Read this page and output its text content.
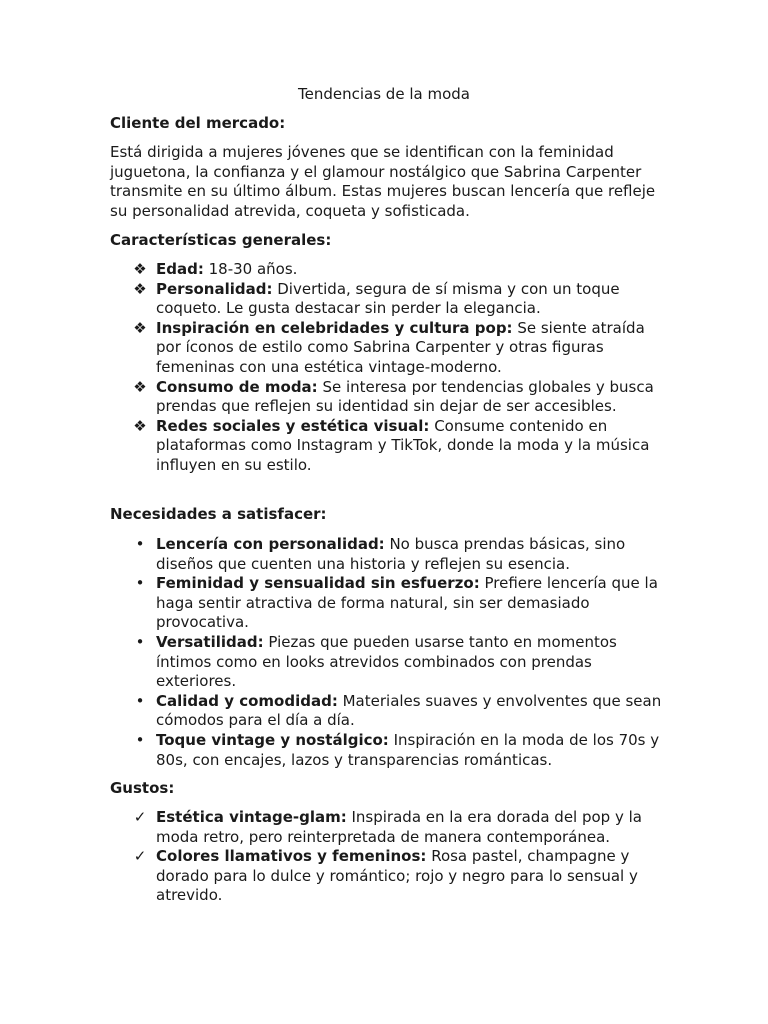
Tendencias de la moda

Cliente del mercado:

Está dirigida a mujeres jóvenes que se identifican con la feminidad juguetona, la confianza y el glamour nostálgico que Sabrina Carpenter transmite en su último álbum. Estas mujeres buscan lencería que refleje su personalidad atrevida, coqueta y sofisticada.

Características generales:

❖ Edad: 18-30 años.
❖ Personalidad: Divertida, segura de sí misma y con un toque coqueto. Le gusta destacar sin perder la elegancia.
❖ Inspiración en celebridades y cultura pop: Se siente atraída por íconos de estilo como Sabrina Carpenter y otras figuras femeninas con una estética vintage-moderno.
❖ Consumo de moda: Se interesa por tendencias globales y busca prendas que reflejen su identidad sin dejar de ser accesibles.
❖ Redes sociales y estética visual: Consume contenido en plataformas como Instagram y TikTok, donde la moda y la música influyen en su estilo.

Necesidades a satisfacer:

• Lencería con personalidad: No busca prendas básicas, sino diseños que cuenten una historia y reflejen su esencia.
• Feminidad y sensualidad sin esfuerzo: Prefiere lencería que la haga sentir atractiva de forma natural, sin ser demasiado provocativa.
• Versatilidad: Piezas que pueden usarse tanto en momentos íntimos como en looks atrevidos combinados con prendas exteriores.
• Calidad y comodidad: Materiales suaves y envolventes que sean cómodos para el día a día.
• Toque vintage y nostálgico: Inspiración en la moda de los 70s y 80s, con encajes, lazos y transparencias románticas.

Gustos:

✓ Estética vintage-glam: Inspirada en la era dorada del pop y la moda retro, pero reinterpretada de manera contemporánea.
✓ Colores llamativos y femeninos: Rosa pastel, champagne y dorado para lo dulce y romántico; rojo y negro para lo sensual y atrevido.
